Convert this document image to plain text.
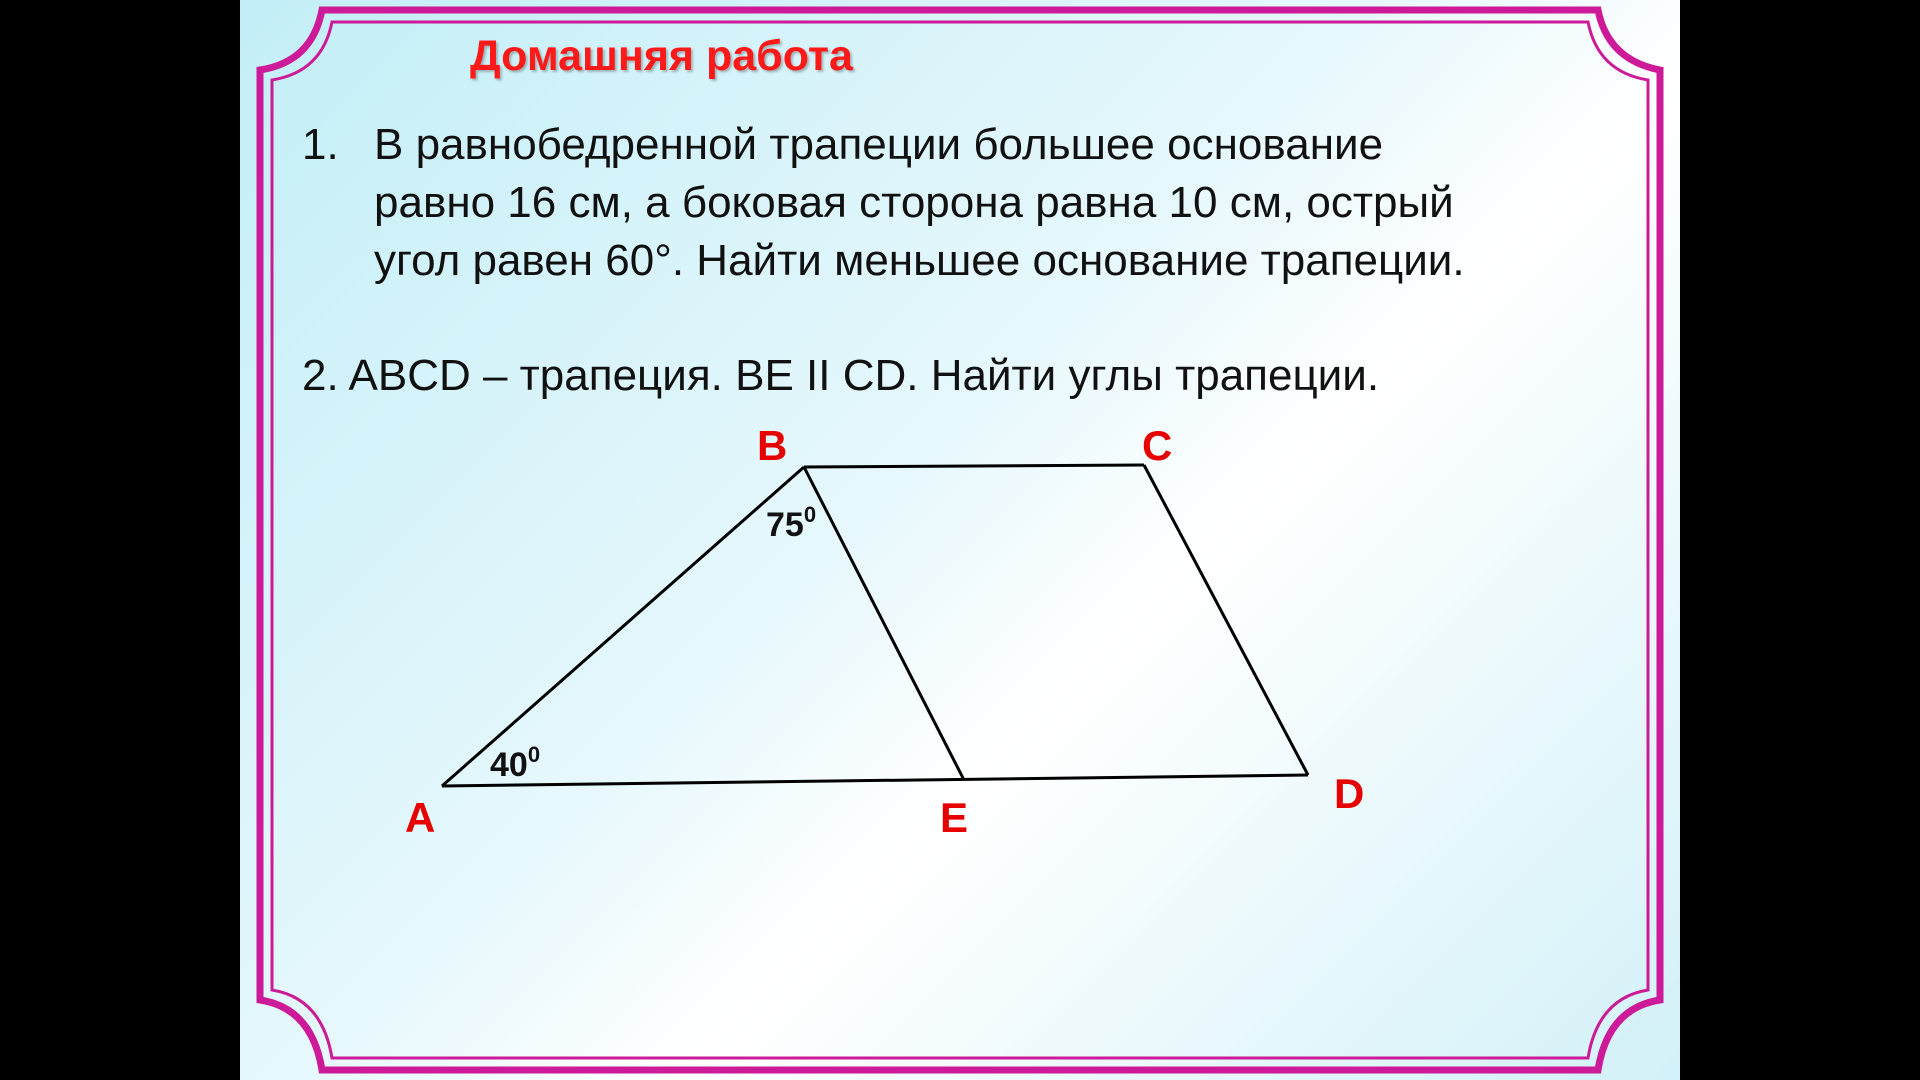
Домашняя работа
1. В равнобедренной трапеции большее основание
равно 16 см, а боковая сторона равна 10 см, острый
угол равен 60°. Найти меньшее основание трапеции.
2. ABCD – трапеция. BE II CD. Найти углы трапеции.
B	C
A	E
D
$75^0$
$40^0$
